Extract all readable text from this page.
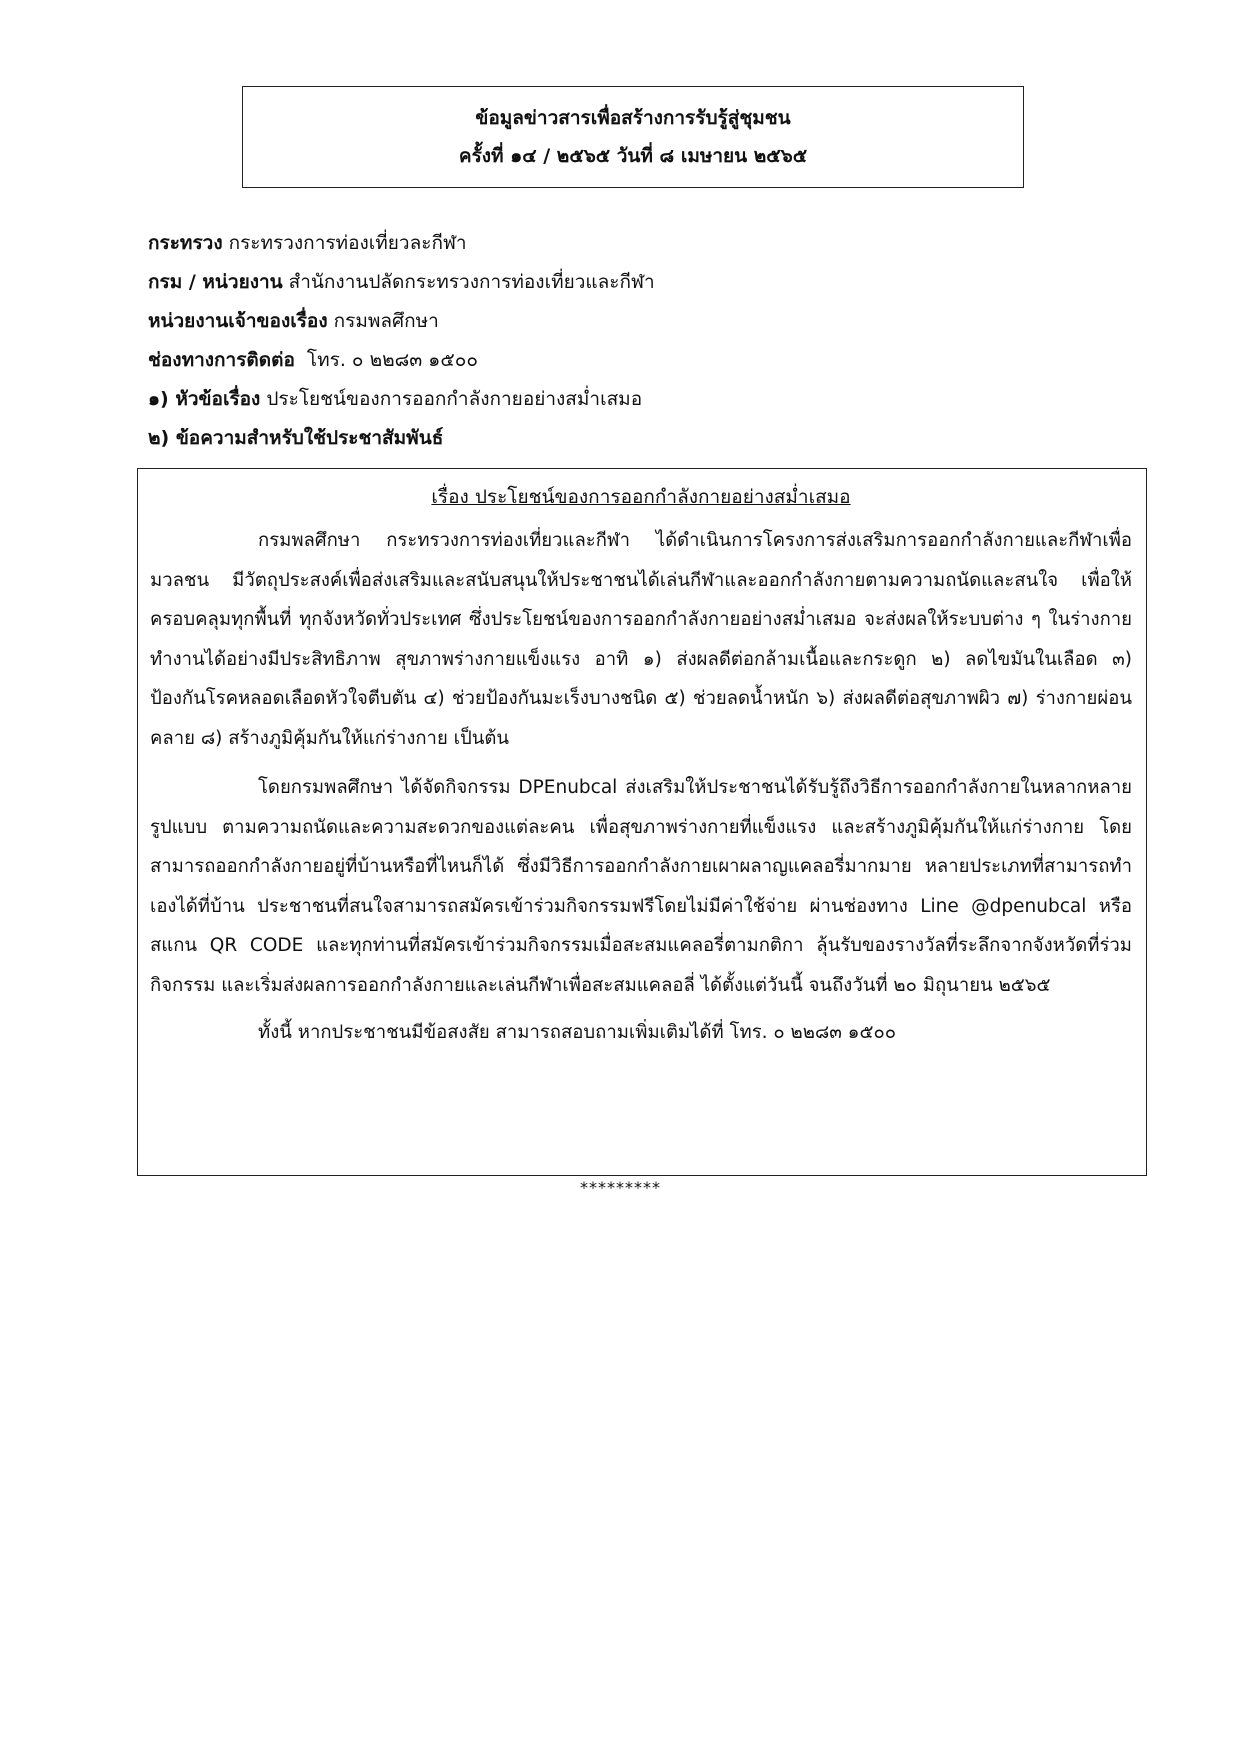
ข้อมูลข่าวสารเพื่อสร้างการรับรู้สู่ชุมชน
ครั้งที่ ๑๔ / ๒๕๖๕ วันที่ ๘ เมษายน ๒๕๖๕
กระทรวง กระทรวงการท่องเที่ยวละกีฬา
กรม / หน่วยงาน สำนักงานปลัดกระทรวงการท่องเที่ยวและกีฬา
หน่วยงานเจ้าของเรื่อง กรมพลศึกษา
ช่องทางการติดต่อ โทร. ๐ ๒๒๘๓ ๑๕๐๐
๑) หัวข้อเรื่อง ประโยชน์ของการออกกำลังกายอย่างสม่ำเสมอ
๒) ข้อความสำหรับใช้ประชาสัมพันธ์
เรื่อง ประโยชน์ของการออกกำลังกายอย่างสม่ำเสมอ

กรมพลศึกษา กระทรวงการท่องเที่ยวและกีฬา ได้ดำเนินการโครงการส่งเสริมการออกกำลังกายและกีฬาเพื่อมวลชน มีวัตถุประสงค์เพื่อส่งเสริมและสนับสนุนให้ประชาชนได้เล่นกีฬาและออกกำลังกายตามความถนัดและสนใจ เพื่อให้ครอบคลุมทุกพื้นที่ ทุกจังหวัดทั่วประเทศ ซึ่งประโยชน์ของการออกกำลังกายอย่างสม่ำเสมอ จะส่งผลให้ระบบต่าง ๆ ในร่างกาย ทำงานได้อย่างมีประสิทธิภาพ สุขภาพร่างกายแข็งแรง อาทิ ๑) ส่งผลดีต่อกล้ามเนื้อและกระดูก ๒) ลดไขมันในเลือด ๓) ป้องกันโรคหลอดเลือดหัวใจตีบตัน ๔) ช่วยป้องกันมะเร็งบางชนิด ๕) ช่วยลดน้ำหนัก ๖) ส่งผลดีต่อสุขภาพผิว ๗) ร่างกายผ่อนคลาย ๘) สร้างภูมิคุ้มกันให้แก่ร่างกาย เป็นต้น

โดยกรมพลศึกษา ได้จัดกิจกรรม DPEnubcal ส่งเสริมให้ประชาชนได้รับรู้ถึงวิธีการออกกำลังกายในหลากหลายรูปแบบ ตามความถนัดและความสะดวกของแต่ละคน เพื่อสุขภาพร่างกายที่แข็งแรง และสร้างภูมิคุ้มกันให้แก่ร่างกาย โดยสามารถออกกำลังกายอยู่ที่บ้านหรือที่ไหนก็ได้ ซึ่งมีวิธีการออกกำลังกายเผาผลาญแคลอรี่มากมาย หลายประเภทที่สามารถทำเองได้ที่บ้าน ประชาชนที่สนใจสามารถสมัครเข้าร่วมกิจกรรมฟรีโดยไม่มีค่าใช้จ่าย ผ่านช่องทาง Line @dpenubcal หรือสแกน QR CODE และทุกท่านที่สมัครเข้าร่วมกิจกรรมเมื่อสะสมแคลอรี่ตามกติกา ลุ้นรับของรางวัลที่ระลึกจากจังหวัดที่ร่วมกิจกรรม และเริ่มส่งผลการออกกำลังกายและเล่นกีฬาเพื่อสะสมแคลอลี่ ได้ตั้งแต่วันนี้ จนถึงวันที่ ๒๐ มิถุนายน ๒๕๖๕

ทั้งนี้ หากประชาชนมีข้อสงสัย สามารถสอบถามเพิ่มเติมได้ที่ โทร. ๐ ๒๒๘๓ ๑๕๐๐

*********
